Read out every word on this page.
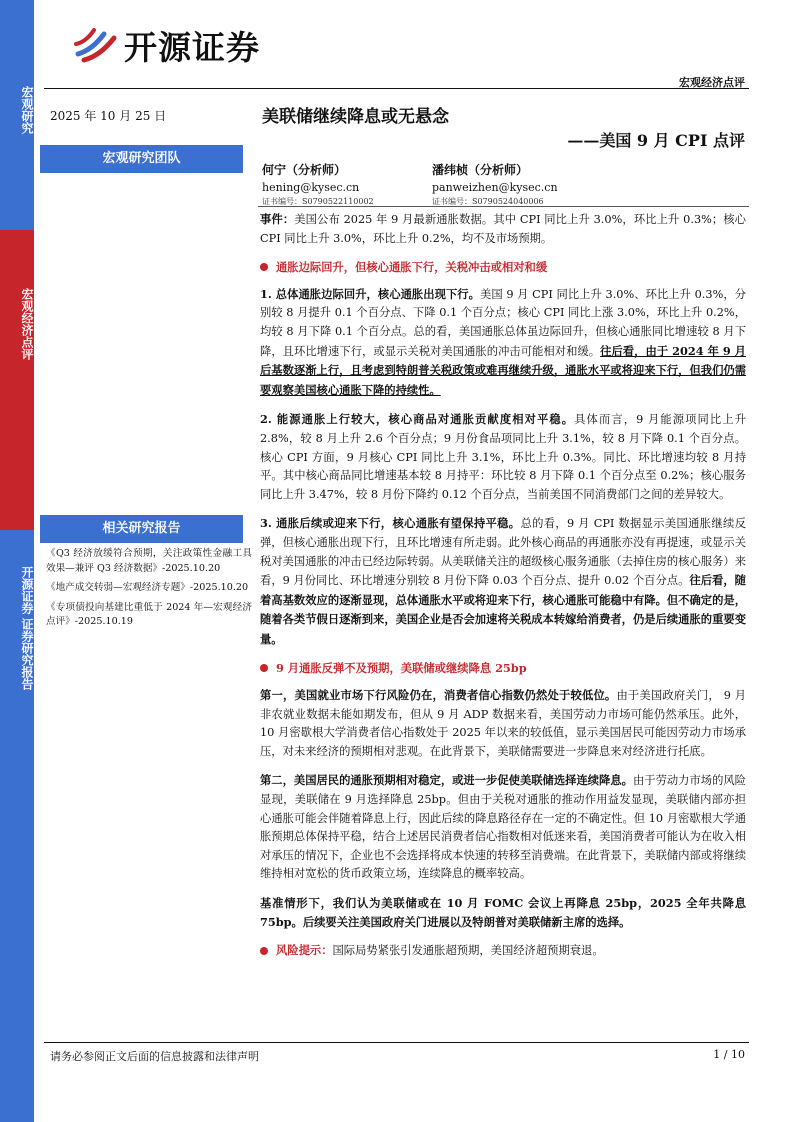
宏观研究
宏观经济点评
开源证券 证券研究报告
开源证券
宏观经济点评
2025 年 10 月 25 日
宏观研究团队
相关研究报告
《Q3 经济放缓符合预期，关注政策性金融工具效果—兼评 Q3 经济数据》-2025.10.20
《地产成交转弱—宏观经济专题》-2025.10.20
《专项债投向基建比重低于 2024 年—宏观经济点评》-2025.10.19
美联储继续降息或无悬念
——美国 9 月 CPI 点评
何宁（分析师）
hening@kysec.cn
证书编号：S0790522110002
潘纬桢（分析师）
panweizhen@kysec.cn
证书编号：S0790524040006

事件：美国公布 2025 年 9 月最新通胀数据。其中 CPI 同比上升 3.0%，环比上升 0.3%；核心 CPI 同比上升 3.0%，环比上升 0.2%，均不及市场预期。

通胀边际回升，但核心通胀下行，关税冲击或相对和缓

1. 总体通胀边际回升，核心通胀出现下行。美国 9 月 CPI 同比上升 3.0%、环比上升 0.3%，分别较 8 月提升 0.1 个百分点、下降 0.1 个百分点；核心 CPI 同比上涨 3.0%，环比上升 0.2%，均较 8 月下降 0.1 个百分点。总的看，美国通胀总体虽边际回升，但核心通胀同比增速较 8 月下降，且环比增速下行，或显示关税对美国通胀的冲击可能相对和缓。往后看，由于 2024 年 9 月后基数逐渐上行，且考虑到特朗普关税政策或难再继续升级，通胀水平或将迎来下行，但我们仍需要观察美国核心通胀下降的持续性。

2. 能源通胀上行较大，核心商品对通胀贡献度相对平稳。具体而言，9 月能源项同比上升 2.8%，较 8 月上升 2.6 个百分点；9 月份食品项同比上升 3.1%，较 8 月下降 0.1 个百分点。核心 CPI 方面，9 月核心 CPI 同比上升 3.1%，环比上升 0.3%。同比、环比增速均较 8 月持平。其中核心商品同比增速基本较 8 月持平：环比较 8 月下降 0.1 个百分点至 0.2%；核心服务同比上升 3.47%，较 8 月份下降约 0.12 个百分点，当前美国不同消费部门之间的差异较大。

3. 通胀后续或迎来下行，核心通胀有望保持平稳。总的看，9 月 CPI 数据显示美国通胀继续反弹，但核心通胀出现下行，且环比增速有所走弱。此外核心商品的再通胀亦没有再提速，或显示关税对美国通胀的冲击已经边际转弱。从美联储关注的超级核心服务通胀（去掉住房的核心服务）来看，9 月份同比、环比增速分别较 8 月份下降 0.03 个百分点、提升 0.02 个百分点。往后看，随着高基数效应的逐渐显现，总体通胀水平或将迎来下行，核心通胀可能稳中有降。但不确定的是，随着各类节假日逐渐到来，美国企业是否会加速将关税成本转嫁给消费者，仍是后续通胀的重要变量。

9 月通胀反弹不及预期，美联储或继续降息 25bp

第一，美国就业市场下行风险仍在，消费者信心指数仍然处于较低位。由于美国政府关门， 9 月非农就业数据未能如期发布，但从 9 月 ADP 数据来看，美国劳动力市场可能仍然承压。此外，10 月密歇根大学消费者信心指数处于 2025 年以来的较低值，显示美国居民可能因劳动力市场承压，对未来经济的预期相对悲观。在此背景下，美联储需要进一步降息来对经济进行托底。

第二，美国居民的通胀预期相对稳定，或进一步促使美联储选择连续降息。由于劳动力市场的风险显现，美联储在 9 月选择降息 25bp。但由于关税对通胀的推动作用益发显现，美联储内部亦担心通胀可能会伴随着降息上行，因此后续的降息路径存在一定的不确定性。但 10 月密歇根大学通胀预期总体保持平稳，结合上述居民消费者信心指数相对低迷来看，美国消费者可能认为在收入相对承压的情况下，企业也不会选择将成本快速的转移至消费端。在此背景下，美联储内部或将继续维持相对宽松的货币政策立场，连续降息的概率较高。

基准情形下，我们认为美联储或在 10 月 FOMC 会议上再降息 25bp，2025 全年共降息 75bp。后续要关注美国政府关门进展以及特朗普对美联储新主席的选择。

风险提示：国际局势紧张引发通胀超预期，美国经济超预期衰退。

请务必参阅正文后面的信息披露和法律声明	1 / 10
